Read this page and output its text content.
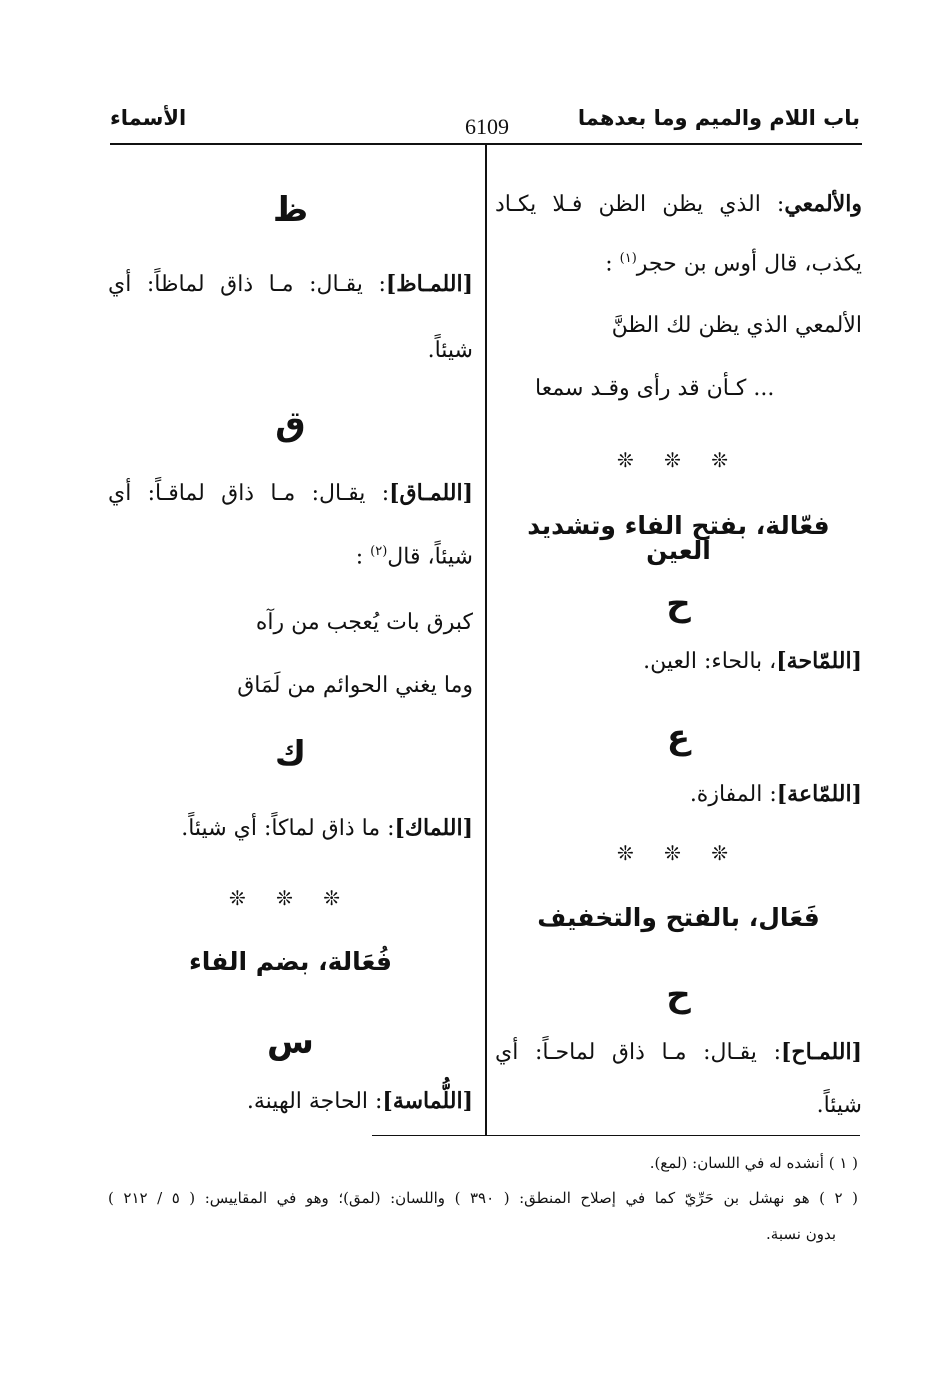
باب اللام والميم وما بعدهما
6109
الأسماء
والألمعي: الذي يظن الظن فـلا يكـاد
يكذب، قال أوس بن حجر$^{(١)}$ :
الألمعي الذي يظن لك الظنَّ
... كـأن قد رأى وقـد سمعا
❊ ❊ ❊
فعّالة، بفتح الفاء وتشديد العين
ح
[اللمّاحة]، بالحاء: العين.
ع
[اللمّاعة]: المفازة.
❊ ❊ ❊
فَعَال، بالفتح والتخفيف
ح
[اللمـاح]: يقـال: مـا ذاق لماحـاً: أي
شيئاً.
ظ
[اللمـاظ]: يقـال: مـا ذاق لماظاً: أي
شيئاً.
ق
[اللمـاق]: يقـال: مـا ذاق لماقـاً: أي
شيئاً، قال$^{(٢)}$ :
كبرق بات يُعجب من رآه
وما يغني الحوائم من لَمَاق
ك
[اللماك]: ما ذاق لماكاً: أي شيئاً.
❊ ❊ ❊
فُعَالة، بضم الفاء
س
[اللُّماسة]: الحاجة الهينة.
( ١ ) أنشده له في اللسان: (لمع).
( ٢ ) هو نهشل بن حَرِّيّ كما في إصلاح المنطق: ( ٣٩٠ ) واللسان: (لمق)؛ وهو في المقاييس: ( ٥ / ٢١٢ )
بدون نسبة.
